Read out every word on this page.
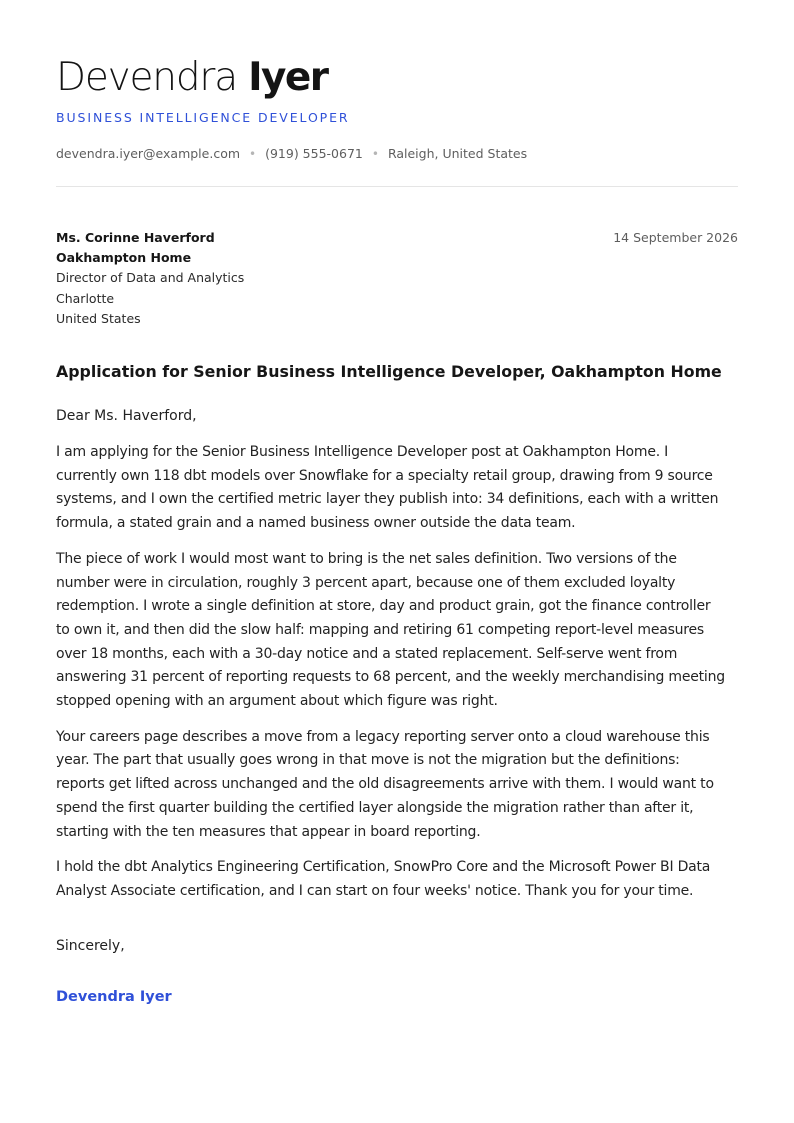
Devendra Iyer
BUSINESS INTELLIGENCE DEVELOPER
devendra.iyer@example.com • (919) 555-0671 • Raleigh, United States
Ms. Corinne Haverford
Oakhampton Home
Director of Data and Analytics
Charlotte
United States
14 September 2026
Application for Senior Business Intelligence Developer, Oakhampton Home
Dear Ms. Haverford,

I am applying for the Senior Business Intelligence Developer post at Oakhampton Home. I
currently own 118 dbt models over Snowflake for a specialty retail group, drawing from 9 source
systems, and I own the certified metric layer they publish into: 34 definitions, each with a written
formula, a stated grain and a named business owner outside the data team.

The piece of work I would most want to bring is the net sales definition. Two versions of the
number were in circulation, roughly 3 percent apart, because one of them excluded loyalty
redemption. I wrote a single definition at store, day and product grain, got the finance controller
to own it, and then did the slow half: mapping and retiring 61 competing report-level measures
over 18 months, each with a 30-day notice and a stated replacement. Self-serve went from
answering 31 percent of reporting requests to 68 percent, and the weekly merchandising meeting
stopped opening with an argument about which figure was right.

Your careers page describes a move from a legacy reporting server onto a cloud warehouse this
year. The part that usually goes wrong in that move is not the migration but the definitions:
reports get lifted across unchanged and the old disagreements arrive with them. I would want to
spend the first quarter building the certified layer alongside the migration rather than after it,
starting with the ten measures that appear in board reporting.

I hold the dbt Analytics Engineering Certification, SnowPro Core and the Microsoft Power BI Data
Analyst Associate certification, and I can start on four weeks' notice. Thank you for your time.

Sincerely,
Devendra Iyer
